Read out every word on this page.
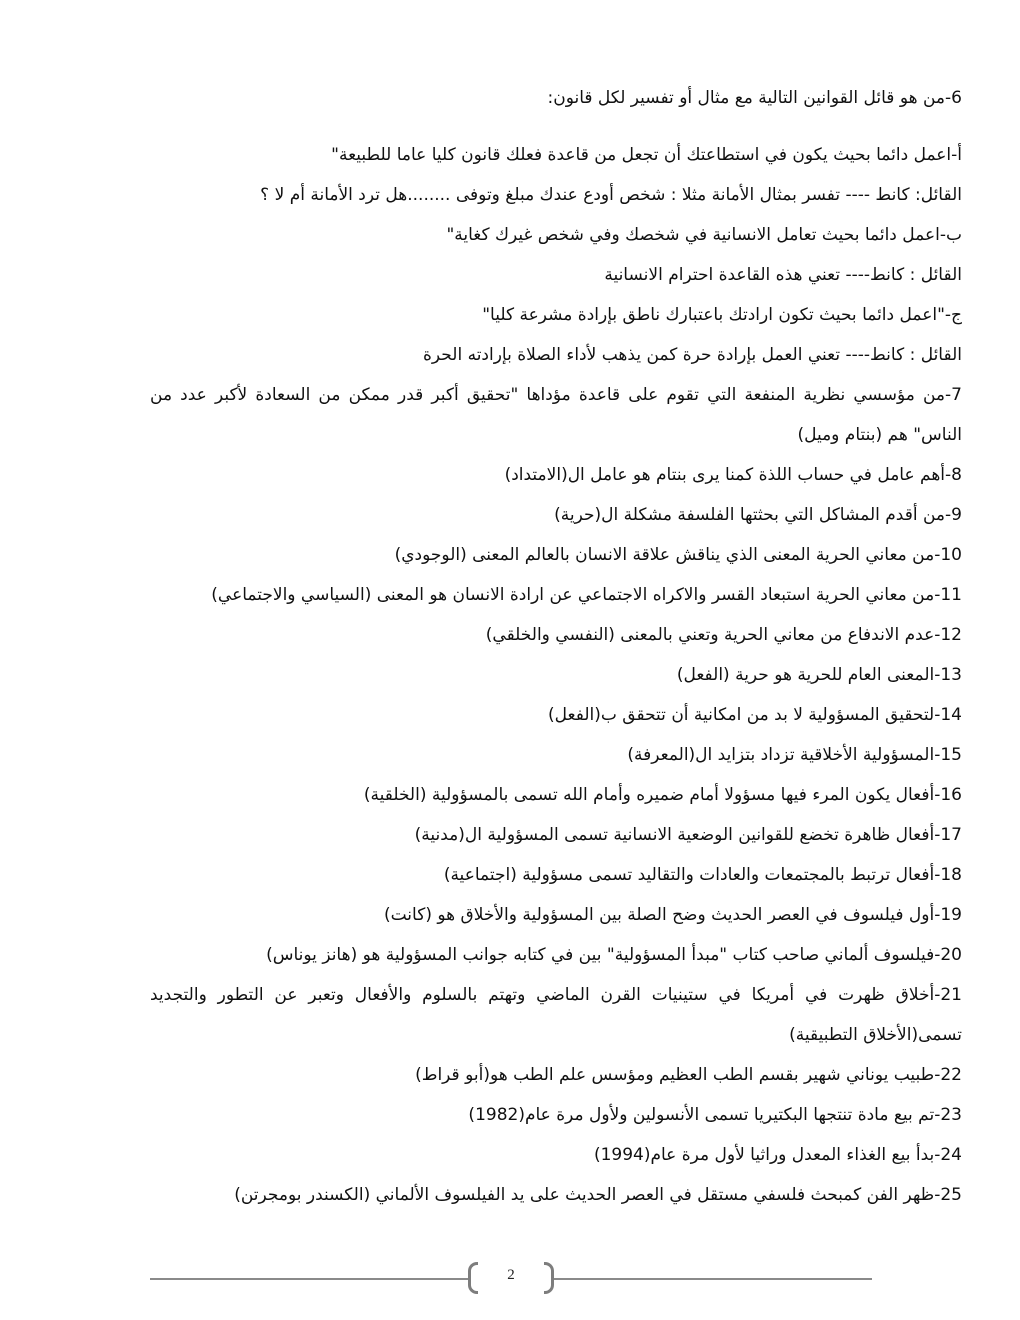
6-من هو قائل القوانين التالية مع مثال أو تفسير لكل قانون:
أ-اعمل دائما بحيث يكون في استطاعتك أن تجعل من قاعدة فعلك قانون كليا عاما للطبيعة"
القائل: كانط ---- تفسر بمثال الأمانة مثلا : شخص أودع عندك مبلغ وتوفى ........هل ترد الأمانة أم لا ؟
ب-اعمل دائما بحيث تعامل الانسانية في شخصك وفي شخص غيرك كغاية"
القائل : كانط---- تعني هذه القاعدة احترام الانسانية
ج-"اعمل دائما بحيث تكون ارادتك باعتبارك ناطق بإرادة مشرعة كليا"
القائل : كانط---- تعني العمل بإرادة حرة كمن يذهب لأداء الصلاة بإرادته الحرة
7-من مؤسسي نظرية المنفعة التي تقوم على قاعدة مؤداها "تحقيق أكبر قدر ممكن من السعادة لأكبر عدد من الناس" هم (بنتام وميل)
8-أهم عامل في حساب اللذة كمنا يرى بنتام هو عامل ال(الامتداد)
9-من أقدم المشاكل التي بحثتها الفلسفة مشكلة ال(حرية)
10-من معاني الحرية المعنى الذي يناقش علاقة الانسان بالعالم المعنى (الوجودي)
11-من معاني الحرية استبعاد القسر والاكراه الاجتماعي عن ارادة الانسان هو المعنى (السياسي والاجتماعي)
12-عدم الاندفاع من معاني الحرية وتعني بالمعنى (النفسي والخلقي)
13-المعنى العام للحرية هو حرية (الفعل)
14-لتحقيق المسؤولية لا بد من امكانية أن تتحقق ب(الفعل)
15-المسؤولية الأخلاقية تزداد بتزايد ال(المعرفة)
16-أفعال يكون المرء فيها مسؤولا أمام ضميره وأمام الله تسمى بالمسؤولية (الخلقية)
17-أفعال ظاهرة تخضع للقوانين الوضعية الانسانية تسمى المسؤولية ال(مدنية)
18-أفعال ترتبط بالمجتمعات والعادات والتقاليد تسمى مسؤولية (اجتماعية)
19-أول فيلسوف في العصر الحديث وضح الصلة بين المسؤولية والأخلاق هو (كانت)
20-فيلسوف ألماني صاحب كتاب "مبدأ المسؤولية" بين في كتابه جوانب المسؤولية هو (هانز يوناس)
21-أخلاق ظهرت في أمريكا في ستينيات القرن الماضي وتهتم بالسلوم والأفعال وتعبر عن التطور والتجديد تسمى(الأخلاق التطبيقية)
22-طبيب يوناني شهير بقسم الطب العظيم ومؤسس علم الطب هو(أبو قراط)
23-تم بيع مادة تنتجها البكتيريا تسمى الأنسولين ولأول مرة عام(1982)
24-بدأ بيع الغذاء المعدل وراثيا لأول مرة عام(1994)
25-ظهر الفن كمبحث فلسفي مستقل في العصر الحديث على يد الفيلسوف الألماني (الكسندر بومجرتن)
2
